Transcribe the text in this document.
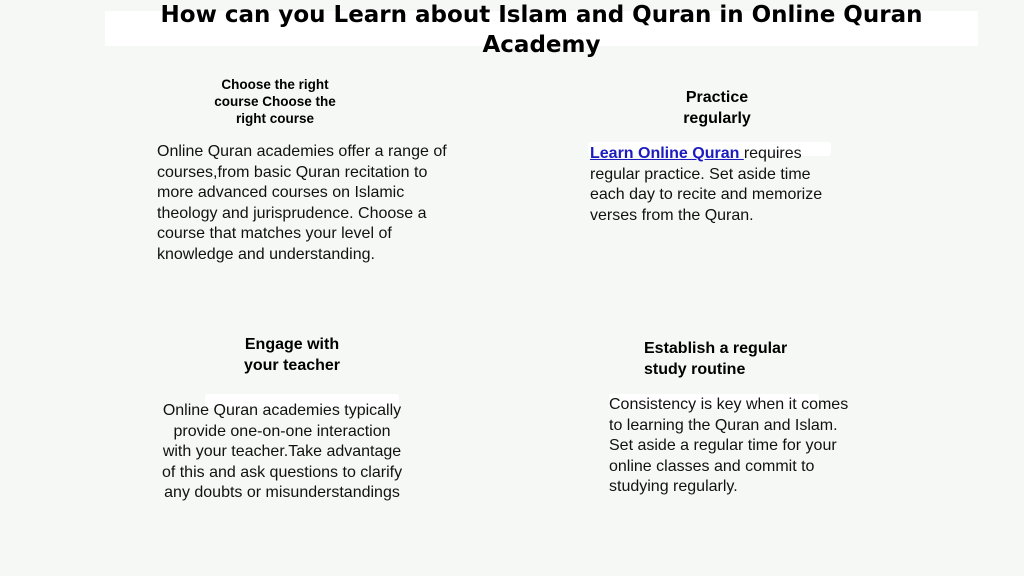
How can you Learn about Islam and Quran in Online Quran Academy
Choose the right course Choose the right course

Online Quran academies offer a range of courses,from basic Quran recitation to more advanced courses on Islamic theology and jurisprudence. Choose a course that matches your level of knowledge and understanding.

Practice
regularly

Learn Online Quran requires regular practice. Set aside time each day to recite and memorize verses from the Quran.

Engage with
your teacher

Online Quran academies typically provide one-on-one interaction with your teacher.Take advantage of this and ask questions to clarify any doubts or misunderstandings

Establish a regular
study routine

Consistency is key when it comes to learning the Quran and Islam. Set aside a regular time for your online classes and commit to studying regularly.
